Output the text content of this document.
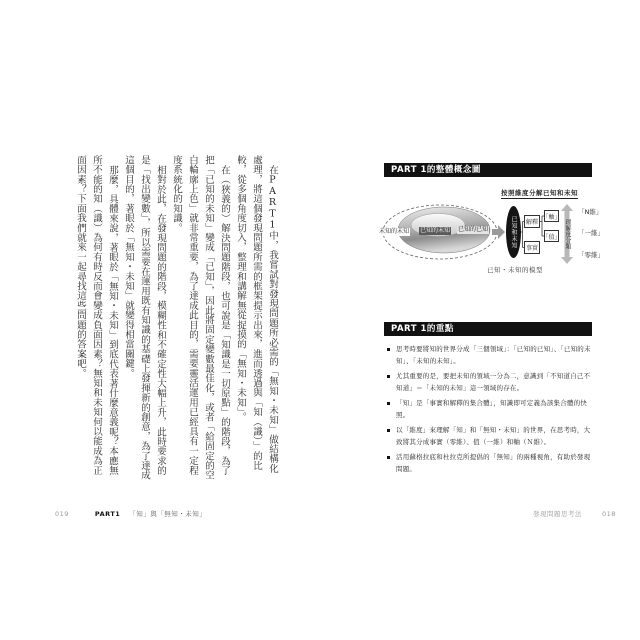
在PART1中，我嘗試對發現問題所必需的「無知・未知」做結構化處理，將這個發現問題所需的框架提示出來，進而透過與「知（識）」的比較，從多個角度切入，整理和講解無從捉摸的「無知・未知」。

在（狹義的）解決問題階段，也可說是「知識是一切原點」的階段，為了把「已知的未知」變成「已知」，因此將固定變數最佳化，或者「給固定的空白輪廓上色」就非常重要，為了達成此目的，需要靈活運用已經具有一定程度系統化的知識。

相對於此，在發現問題的階段，模糊性和不確定性大幅上升，此時要求的是「找出變數」，所以需要在運用既有知識的基礎上發揮新的創意，為了達成這個目的，著眼於「無知・未知」就變得相當關鍵。

那麼，具體來說，著眼於「無知・未知」到底代表著什麼意義呢？本應無所不能的知（識）為何有時反而會變成負面因素？無知和未知何以能成為正面因素？下面我們就來一起尋找這些問題的答案吧。

019	PART1 「知」與「無知・未知」
PART 1的整體概念圖
按照維度分解已知和未知
未知的未知 已知的未知 已知的已知	已知和未知	解釋
事實
「軸」
「值」 理解度分類
「N維」
「一維」
「零維」
已知・未知的模型
PART 1的重點
思考時要將知的世界分成「三個領域」：「已知的已知」、「已知的未知」、「未知的未知」。
尤其重要的是，要把未知的領域一分為二，意識到「不知道自己不知道」＝「未知的未知」這一領域的存在。
「知」是「事實和解釋的集合體」，知識即可定義為該集合體的快照。
以「維度」來理解「知」和「無知・未知」的世界，在思考時，大致將其分成事實（零維）、值（一維）和軸（Ｎ維）。
活用蘇格拉底和杜拉克所提倡的「無知」的兩種視角，有助於發現問題。
發現問題思考法	018
